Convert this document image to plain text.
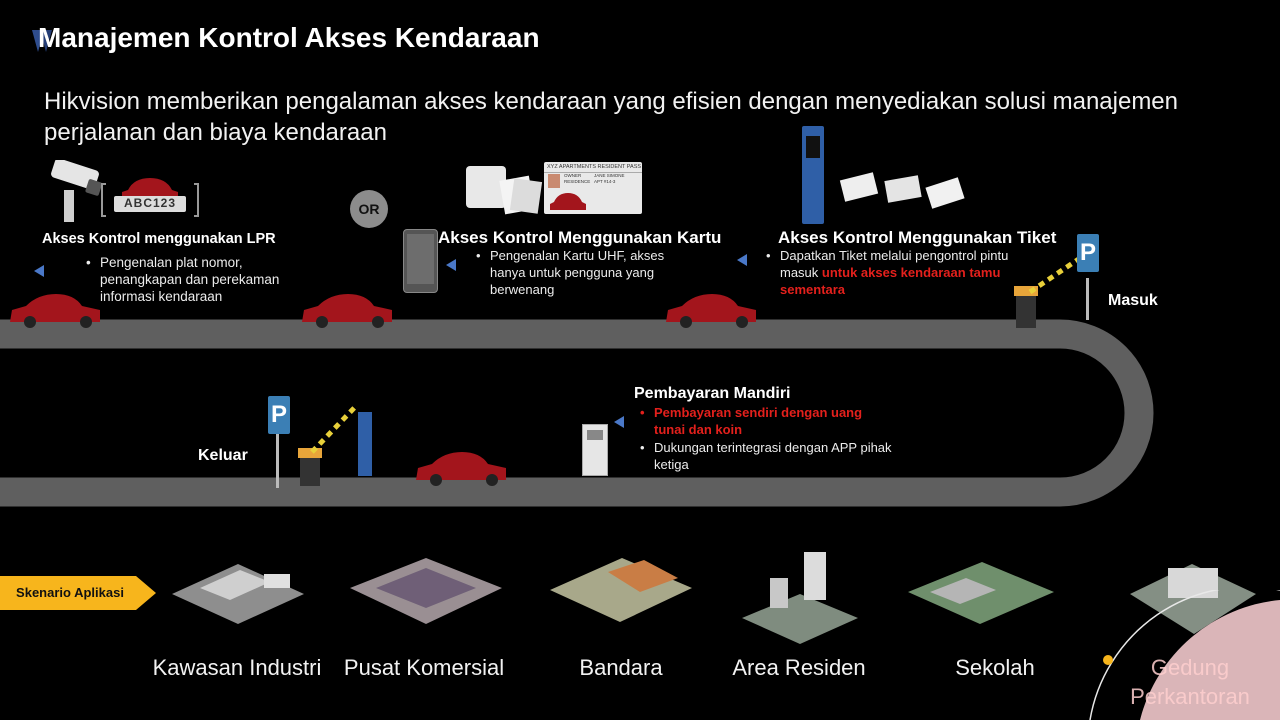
Manajemen Kontrol Akses Kendaraan
Hikvision memberikan pengalaman akses kendaraan yang efisien dengan menyediakan solusi manajemen perjalanan dan biaya kendaraan
ABC123
Akses Kontrol menggunakan LPR
• Pengenalan plat nomor, penangkapan dan perekaman informasi kendaraan
OR
XYZ APARTMENTS RESIDENT PASS
OWNER	JANE SIMONE
RESIDENCE APT #14-3
Akses Kontrol Menggunakan Kartu
• Pengenalan Kartu UHF, akses hanya untuk pengguna yang berwenang
Akses Kontrol Menggunakan Tiket
• Dapatkan Tiket melalui pengontrol pintu masuk untuk akses kendaraan tamu sementara
P
Masuk
Pembayaran Mandiri
• Pembayaran sendiri dengan uang tunai dan koin
• Dukungan terintegrasi dengan APP pihak ketiga
Keluar
P
Skenario Aplikasi
Kawasan Industri	Pusat Komersial	Bandara	Area Residen	Sekolah	Gedung Perkantoran
